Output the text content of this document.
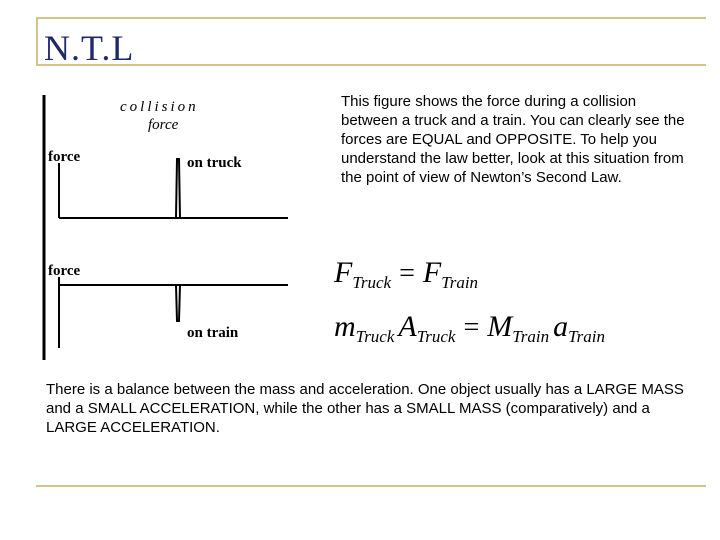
N.T.L
collision
force
force	on truck
force
on train

This figure shows the force during a collision between a truck and a train. You can clearly see the forces are EQUAL and OPPOSITE. To help you understand the law better, look at this situation from the point of view of Newton’s Second Law.

FTruck = FTrain
mTruck ATruck = MTrain aTrain

There is a balance between the mass and acceleration. One object usually has a LARGE MASS and a SMALL ACCELERATION, while the other has a SMALL MASS (comparatively) and a LARGE ACCELERATION.
